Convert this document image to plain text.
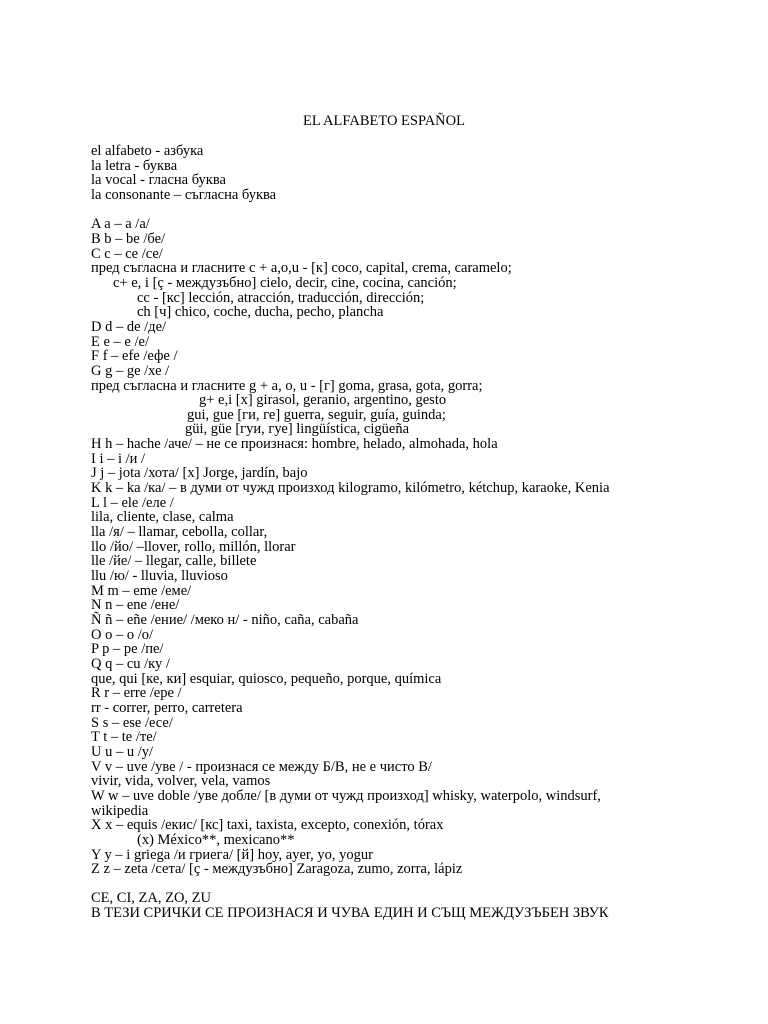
EL ALFABETO ESPAÑOL
el alfabeto - азбука
la letra - буква
la vocal - гласна буква
la consonante – съгласна буква
A a – a /a/
B b – be /бе/
C c – ce /се/
пред съгласна и гласните c + a,o,u - [к] coco, capital, crema, caramelo;
c+ e, i [ç - междузъбно] cielo, decir, cine, cocina, canción;
cc - [кс] lección, atracción, traducción, dirección;
ch [ч] chico, coche, ducha, pecho, plancha
D d – de /де/
E e – e /е/
F f – efe /ефе /
G g – ge /хе /
пред съгласна и гласните g + a, o, u - [г] goma, grasa, gota, gorra;
g+ e,i [х] girasol, geranio, argentino, gesto
gui, gue [ги, ге] guerra, seguir, guía, guinda;
güi, güe [гуи, гуе] lingüística, cigüeña
H h – hache /аче/ – не се произнася: hombre, helado, almohada, hola
I i – i /и /
J j – jota /хота/ [х] Jorge, jardín, bajo
K k – ka /ка/ – в думи от чужд произход kilogramo, kilómetro, kétchup, karaoke, Kenia
L l – ele /еле /
lila, cliente, clase, calma
lla /я/ – llamar, cebolla, collar,
llo /йо/ –llover, rollo, millón, llorar
lle /йе/ – llegar, calle, billete
llu /ю/ - lluvia, lluvioso
M m – eme /еме/
N n – ene /ене/
Ñ ñ – eñe /ение/ /меко н/ - niño, caña, cabaña
O o – o /о/
P p – pe /пе/
Q q – cu /ку /
que, qui [ке, ки] esquiar, quiosco, pequeño, porque, química
R r – erre /ере /
rr - correr, perro, carretera
S s – ese /есе/
T t – te /те/
U u – u /у/
V v – uve /уве / - произнася се между Б/В, не е чисто В/
vivir, vida, volver, vela, vamos
W w – uve doble /уве добле/ [в думи от чужд произход] whisky, waterpolo, windsurf,
wikipedia
X x – equis /екис/ [кс] taxi, taxista, excepto, conexión, tórax
(x) México**, mexicano**
Y y – i griega /и гриега/ [й] hoy, ayer, yo, yogur
Z z – zeta /сета/ [ç - междузъбно] Zaragoza, zumo, zorra, lápiz
CE, CI, ZA, ZO, ZU
В ТЕЗИ СРИЧКИ СЕ ПРОИЗНАСЯ И ЧУВА ЕДИН И СЪЩ МЕЖДУЗЪБЕН ЗВУК
